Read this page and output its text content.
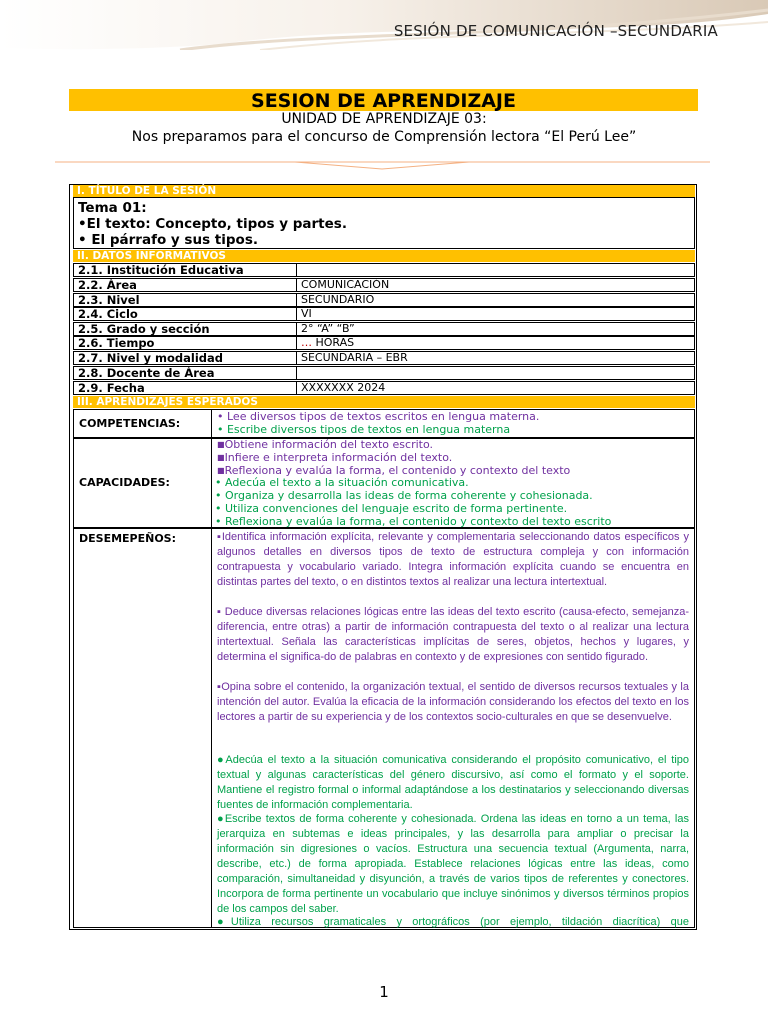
SESIÓN DE COMUNICACIÓN –SECUNDARIA
SESION DE APRENDIZAJE
UNIDAD DE APRENDIZAJE 03:
Nos preparamos para el concurso de Comprensión lectora “El Perú Lee”
I. TÍTULO DE LA SESIÓN
Tema 01:
•El texto: Concepto, tipos y partes.
• El párrafo y sus tipos.
II. DATOS INFORMATIVOS
2.1. Institución Educativa
2.2. Área	COMUNICACIÓN
2.3. Nivel	SECUNDARIO
2.4. Ciclo	VI
2.5. Grado y sección	2° “A” “B”
2.6. Tiempo	… HORAS
2.7. Nivel y modalidad	SECUNDARIA – EBR
2.8. Docente de Área
2.9. Fecha	XXXXXXX 2024
III. APRENDIZAJES ESPERADOS
COMPETENCIAS:
• Lee diversos tipos de textos escritos en lengua materna.
• Escribe diversos tipos de textos en lengua materna
CAPACIDADES:
■Obtiene información del texto escrito.
■Infiere e interpreta información del texto.
■Reflexiona y evalúa la forma, el contenido y contexto del texto
• Adecúa el texto a la situación comunicativa.
• Organiza y desarrolla las ideas de forma coherente y cohesionada.
• Utiliza convenciones del lenguaje escrito de forma pertinente.
• Reflexiona y evalúa la forma, el contenido y contexto del texto escrito
DESEMEPEÑOS:	▪Identifica información explícita, relevante y complementaria seleccionando datos específicos y algunos detalles en diversos tipos de texto de estructura compleja y con información contrapuesta y vocabulario variado. Integra información explícita cuando se encuentra en distintas partes del texto, o en distintos textos al realizar una lectura intertextual.
▪ Deduce diversas relaciones lógicas entre las ideas del texto escrito (causa-efecto, semejanza-diferencia, entre otras) a partir de información contrapuesta del texto o al realizar una lectura intertextual. Señala las características implícitas de seres, objetos, hechos y lugares, y determina el significa-do de palabras en contexto y de expresiones con sentido figurado.
▪Opina sobre el contenido, la organización textual, el sentido de diversos recursos textuales y la intención del autor. Evalúa la eficacia de la información considerando los efectos del texto en los lectores a partir de su experiencia y de los contextos socio-culturales en que se desenvuelve.
●Adecúa el texto a la situación comunicativa considerando el propósito comunicativo, el tipo textual y algunas características del género discursivo, así como el formato y el soporte. Mantiene el registro formal o informal adaptándose a los destinatarios y seleccionando diversas fuentes de información complementaria.
●Escribe textos de forma coherente y cohesionada. Ordena las ideas en torno a un tema, las jerarquiza en subtemas e ideas principales, y las desarrolla para ampliar o precisar la información sin digresiones o vacíos. Estructura una secuencia textual (Argumenta, narra, describe, etc.) de forma apropiada. Establece relaciones lógicas entre las ideas, como comparación, simultaneidad y disyunción, a través de varios tipos de referentes y conectores. Incorpora de forma pertinente un vocabulario que incluye sinónimos y diversos términos propios de los campos del saber.
●Utiliza recursos gramaticales y ortográficos (por ejemplo, tildación diacrítica) que
1
